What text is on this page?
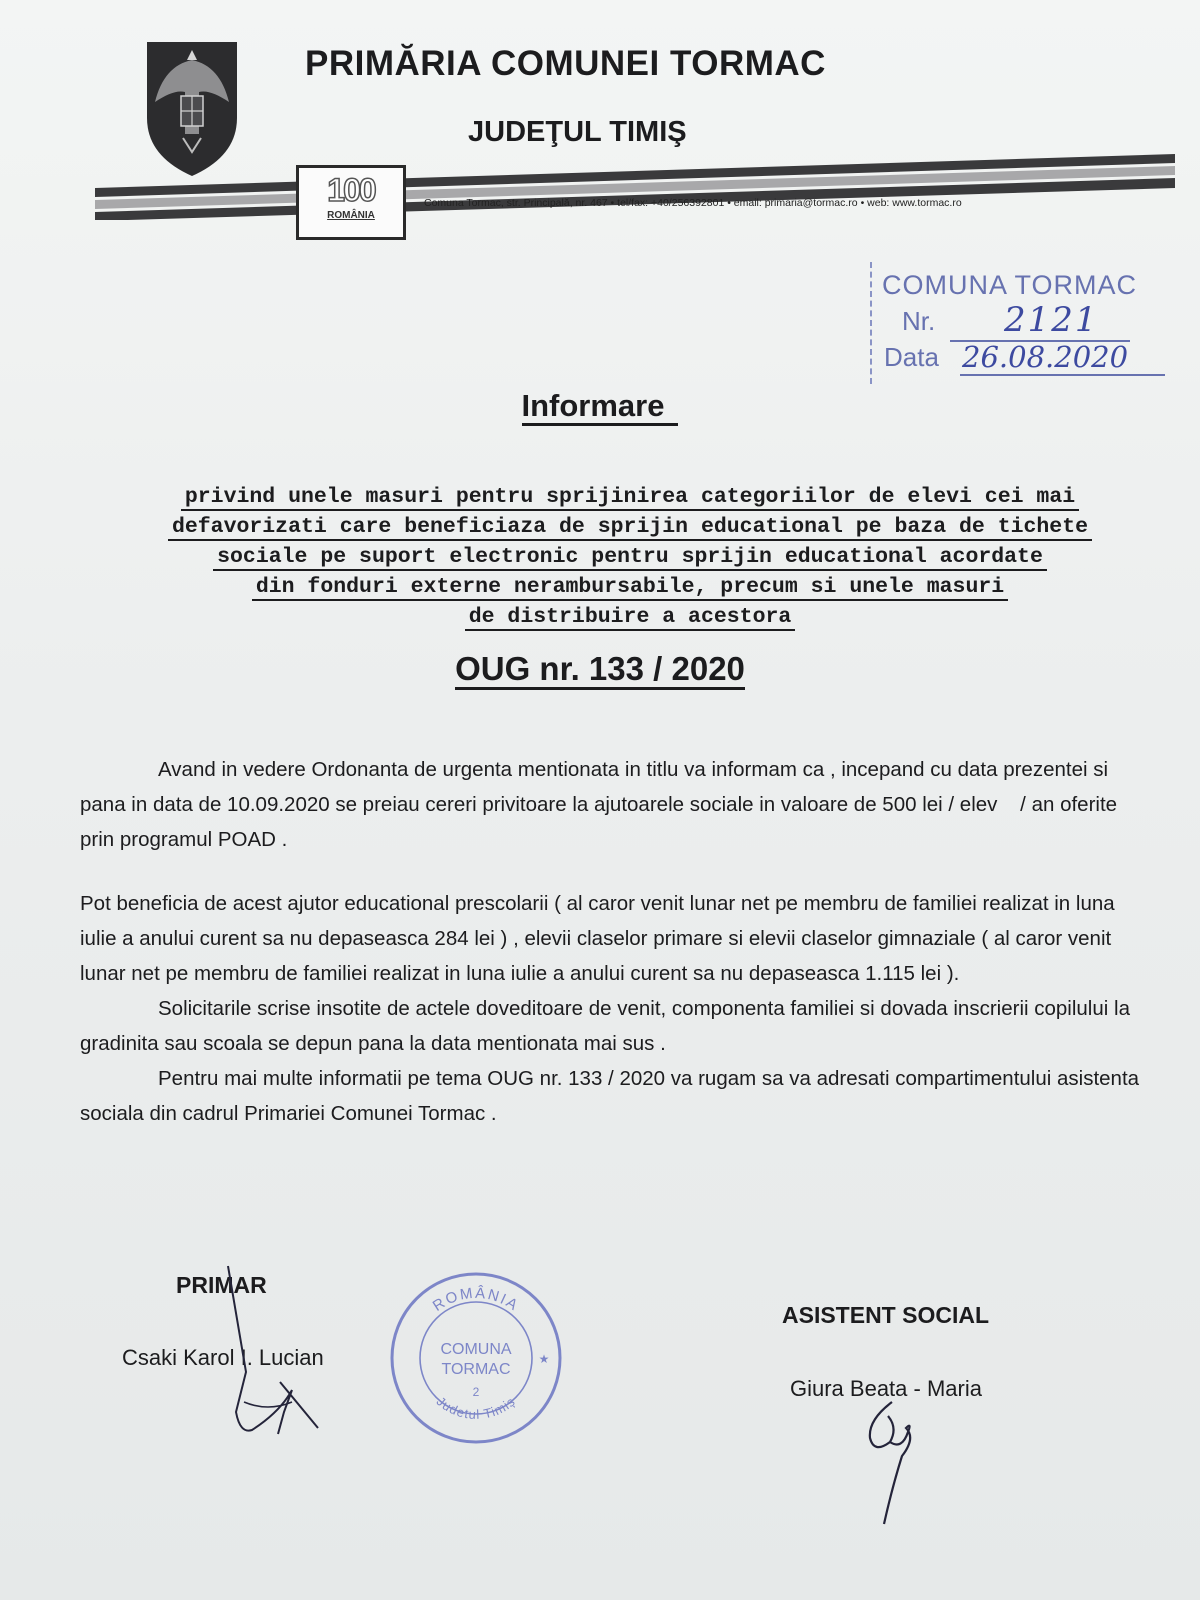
PRIMĂRIA COMUNEI TORMAC
JUDEŢUL TIMIŞ
100
ROMÂNIA
Comuna Tormac, str. Principală, nr. 467 • tel/fax: +40/256392801 • email: primaria@tormac.ro • web: www.tormac.ro
COMUNA TORMAC
Nr. 2121
Data 26.08.2020
Informare
privind unele masuri pentru sprijinirea categoriilor de elevi cei mai
defavorizati care beneficiaza de sprijin educational pe baza de tichete
sociale pe suport electronic pentru sprijin educational acordate
din fonduri externe nerambursabile, precum si unele masuri
de distribuire a acestora
OUG nr. 133 / 2020

Avand in vedere Ordonanta de urgenta mentionata in titlu va informam ca , incepand cu data prezentei si pana in data de 10.09.2020 se preiau cereri privitoare la ajutoarele sociale in valoare de 500 lei / elev    / an oferite prin programul POAD .

Pot beneficia de acest ajutor educational prescolarii ( al caror venit lunar net pe membru de familiei realizat in luna iulie a anului curent sa nu depaseasca 284 lei ) , elevii claselor primare si elevii claselor gimnaziale ( al caror venit lunar net pe membru de familiei realizat in luna iulie a anului curent sa nu depaseasca 1.115 lei ).

Solicitarile scrise insotite de actele doveditoare de venit, componenta familiei si dovada inscrierii copilului la gradinita sau scoala se depun pana la data mentionata mai sus .

Pentru mai multe informatii pe tema OUG nr. 133 / 2020 va rugam sa va adresati compartimentului asistenta sociala din cadrul Primariei Comunei Tormac .

PRIMAR
Csaki Karol I. Lucian
ASISTENT SOCIAL
Giura Beata - Maria
ROMÂNIA
Judetul Timiș
COMUNA
TORMAC
2
★
